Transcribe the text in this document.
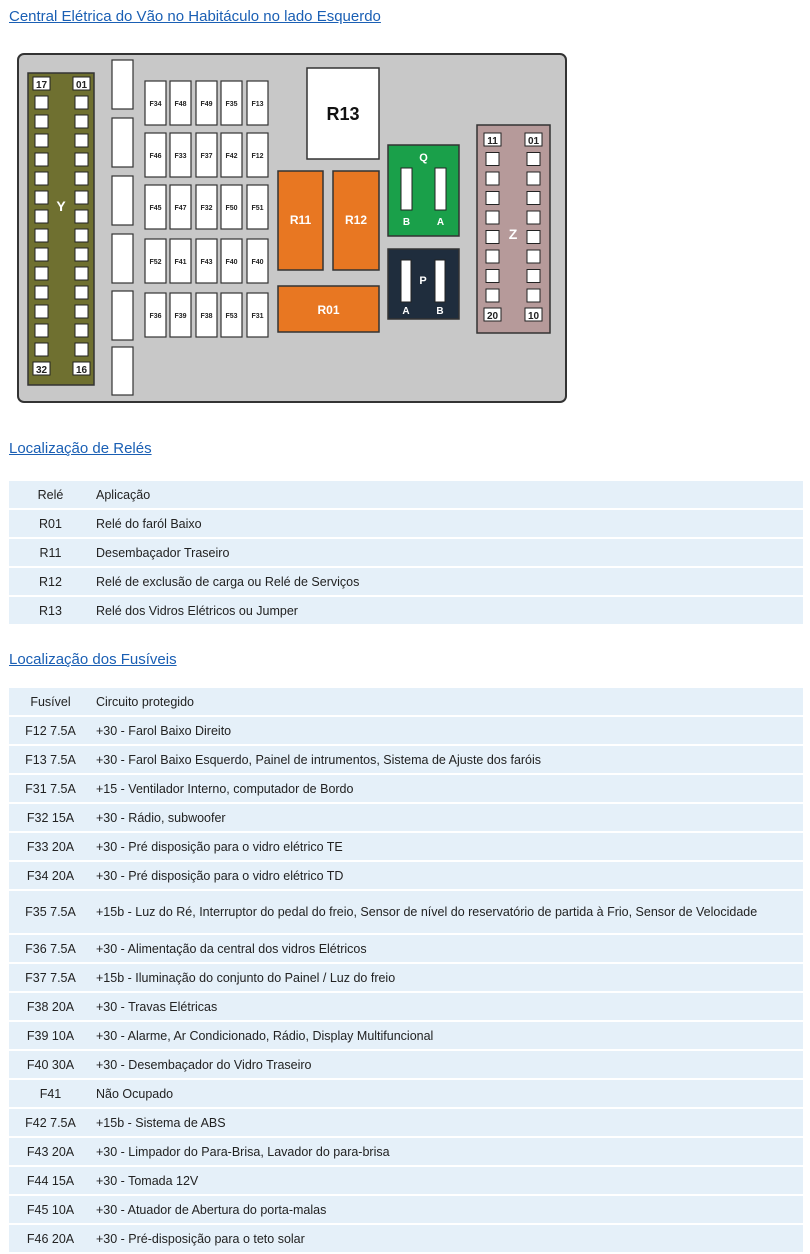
Central Elétrica do Vão no Habitáculo no lado Esquerdo
17	01
32	16
Y
F34 F48 F49 F35 F13
F46 F33 F37 F42 F12
F45 F47 F32 F50 F51
F52 F41 F43 F40 F40
F36 F39 F38 F53 F31
R13
R11	R12
R01
Q
B	A
P
A	B
11	01
20	10
Z
Localização de Relés
Relé	Aplicação
R01	Relé do faról Baixo
R11	Desembaçador Traseiro
R12	Relé de exclusão de carga ou Relé de Serviços
R13	Relé dos Vidros Elétricos ou Jumper
Localização dos Fusíveis
Fusível	Circuito protegido
F12 7.5A	+30 - Farol Baixo Direito
F13 7.5A	+30 - Farol Baixo Esquerdo, Painel de intrumentos, Sistema de Ajuste dos faróis
F31 7.5A	+15 - Ventilador Interno, computador de Bordo
F32 15A	+30 - Rádio, subwoofer
F33 20A	+30 - Pré disposição para o vidro elétrico TE
F34 20A	+30 - Pré disposição para o vidro elétrico TD
F35 7.5A	+15b - Luz do Ré, Interruptor do pedal do freio, Sensor de nível do reservatório de partida à Frio, Sensor de Velocidade
F36 7.5A	+30 - Alimentação da central dos vidros Elétricos
F37 7.5A	+15b - Iluminação do conjunto do Painel / Luz do freio
F38 20A	+30 - Travas Elétricas
F39 10A	+30 - Alarme, Ar Condicionado, Rádio, Display Multifuncional
F40 30A	+30 - Desembaçador do Vidro Traseiro
F41	Não Ocupado
F42 7.5A	+15b - Sistema de ABS
F43 20A	+30 - Limpador do Para-Brisa, Lavador do para-brisa
F44 15A	+30 - Tomada 12V
F45 10A	+30 - Atuador de Abertura do porta-malas
F46 20A	+30 - Pré-disposição para o teto solar
